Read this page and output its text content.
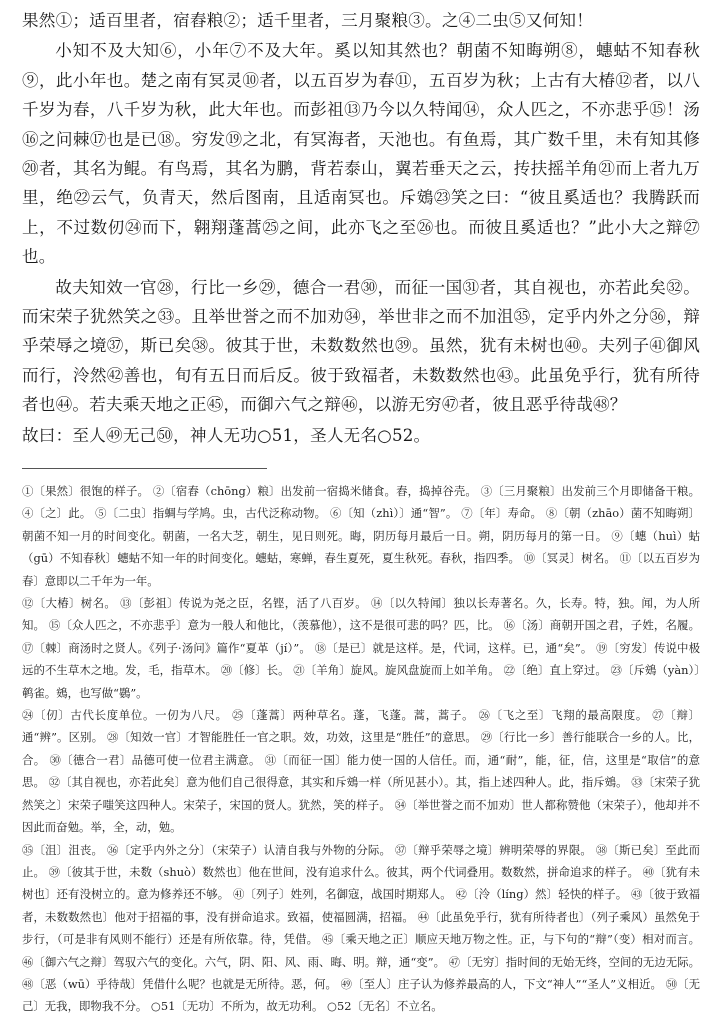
果然①；适百里者，宿舂粮②；适千里者，三月聚粮③。之④二虫⑤又何知！

小知不及大知⑥，小年⑦不及大年。奚以知其然也？朝菌不知晦朔⑧，蟪蛄不知春秋⑨，此小年也。楚之南有冥灵⑩者，以五百岁为春⑪，五百岁为秋；上古有大椿⑫者，以八千岁为春，八千岁为秋，此大年也。而彭祖⑬乃今以久特闻⑭，众人匹之，不亦悲乎⑮！汤⑯之问棘⑰也是已⑱。穷发⑲之北，有冥海者，天池也。有鱼焉，其广数千里，未有知其修⑳者，其名为鲲。有鸟焉，其名为鹏，背若泰山，翼若垂天之云，抟扶摇羊角㉑而上者九万里，绝㉒云气，负青天，然后图南，且适南冥也。斥鴳㉓笑之曰：“彼且奚适也？我腾跃而上，不过数仞㉔而下，翱翔蓬蒿㉕之间，此亦飞之至㉖也。而彼且奚适也？”此小大之辩㉗也。

故夫知效一官㉘，行比一乡㉙，德合一君㉚，而征一国㉛者，其自视也，亦若此矣㉜。而宋荣子犹然笑之㉝。且举世誉之而不加劝㉞，举世非之而不加沮㉟，定乎内外之分㊱，辩乎荣辱之境㊲，斯已矣㊳。彼其于世，未数数然也㊴。虽然，犹有未树也㊵。夫列子㊶御风而行，泠然㊷善也，旬有五日而后反。彼于致福者，未数数然也㊸。此虽免乎行，犹有所待者也㊹。若夫乘天地之正㊺，而御六气之辩㊻，以游无穷㊼者，彼且恶乎待哉㊽？

故曰：至人㊾无己㊿，神人无功○51，圣人无名○52。

①〔果然〕很饱的样子。 ②〔宿舂（chōng）粮〕出发前一宿捣米储食。舂，捣掉谷壳。 ③〔三月聚粮〕出发前三个月即储备干粮。 ④〔之〕此。 ⑤〔二虫〕指蜩与学鸠。虫，古代泛称动物。 ⑥〔知（zhì）〕通“智”。 ⑦〔年〕寿命。 ⑧〔朝（zhāo）菌不知晦朔〕朝菌不知一月的时间变化。朝菌，一名大芝，朝生，见日则死。晦，阴历每月最后一日。朔，阴历每月的第一日。 ⑨〔蟪（huì）蛄（gū）不知春秋〕蟪蛄不知一年的时间变化。蟪蛄，寒蝉，春生夏死，夏生秋死。春秋，指四季。 ⑩〔冥灵〕树名。 ⑪〔以五百岁为春〕意即以二千年为一年。

⑫〔大椿〕树名。 ⑬〔彭祖〕传说为尧之臣，名铿，活了八百岁。 ⑭〔以久特闻〕独以长寿著名。久，长寿。特，独。闻，为人所知。 ⑮〔众人匹之，不亦悲乎〕意为一般人和他比，（羡慕他），这不是很可悲的吗？匹，比。 ⑯〔汤〕商朝开国之君，子姓，名履。 ⑰〔棘〕商汤时之贤人。《列子·汤问》篇作“夏革（jí）”。 ⑱〔是已〕就是这样。是，代词，这样。已，通“矣”。 ⑲〔穷发〕传说中极远的不生草木之地。发，毛，指草木。 ⑳〔修〕长。 ㉑〔羊角〕旋风。旋风盘旋而上如羊角。 ㉒〔绝〕直上穿过。 ㉓〔斥鴳（yàn）〕鹌雀。鴳，也写做“鷃”。

㉔〔仞〕古代长度单位。一仞为八尺。 ㉕〔蓬蒿〕两种草名。蓬，飞蓬。蒿，蒿子。 ㉖〔飞之至〕飞翔的最高限度。 ㉗〔辩〕通“辨”。区别。 ㉘〔知效一官〕才智能胜任一官之职。效，功效，这里是“胜任”的意思。 ㉙〔行比一乡〕善行能联合一乡的人。比，合。 ㉚〔德合一君〕品德可使一位君主满意。 ㉛〔而征一国〕能力使一国的人信任。而，通“耐”，能，征，信，这里是“取信”的意思。 ㉜〔其自视也，亦若此矣〕意为他们自己很得意，其实和斥鴳一样（所见甚小）。其，指上述四种人。此，指斥鴳。 ㉝〔宋荣子犹然笑之〕宋荣子嗤笑这四种人。宋荣子，宋国的贤人。犹然，笑的样子。 ㉞〔举世誉之而不加劝〕世人都称赞他（宋荣子），他却并不因此而奋勉。举，全，动，勉。

㉟〔沮〕沮丧。 ㊱〔定乎内外之分〕（宋荣子）认清自我与外物的分际。 ㊲〔辩乎荣辱之境〕辨明荣辱的界限。 ㊳〔斯已矣〕至此而止。 ㊴〔彼其于世，未数（shuò）数然也〕他在世间，没有追求什么。彼其，两个代词叠用。数数然，拼命追求的样子。 ㊵〔犹有未树也〕还有没树立的。意为修养还不够。 ㊶〔列子〕姓列，名御寇，战国时期郑人。 ㊷〔泠（líng）然〕轻快的样子。 ㊸〔彼于致福者，未数数然也〕他对于招福的事，没有拼命追求。致福，使福圆满，招福。 ㊹〔此虽免乎行，犹有所待者也〕（列子乘风）虽然免于步行，（可是非有风则不能行）还是有所依靠。待，凭借。 ㊺〔乘天地之正〕顺应天地万物之性。正，与下句的“辩”（变）相对而言。 ㊻〔御六气之辩〕驾驭六气的变化。六气，阴、阳、风、雨、晦、明。辩，通“变”。 ㊼〔无穷〕指时间的无始无终，空间的无边无际。 ㊽〔恶（wū）乎待哉〕凭借什么呢？也就是无所待。恶，何。 ㊾〔至人〕庄子认为修养最高的人，下文“神人”“圣人”义相近。 ㊿〔无己〕无我，即物我不分。 ○51〔无功〕不所为，故无功利。 ○52〔无名〕不立名。
